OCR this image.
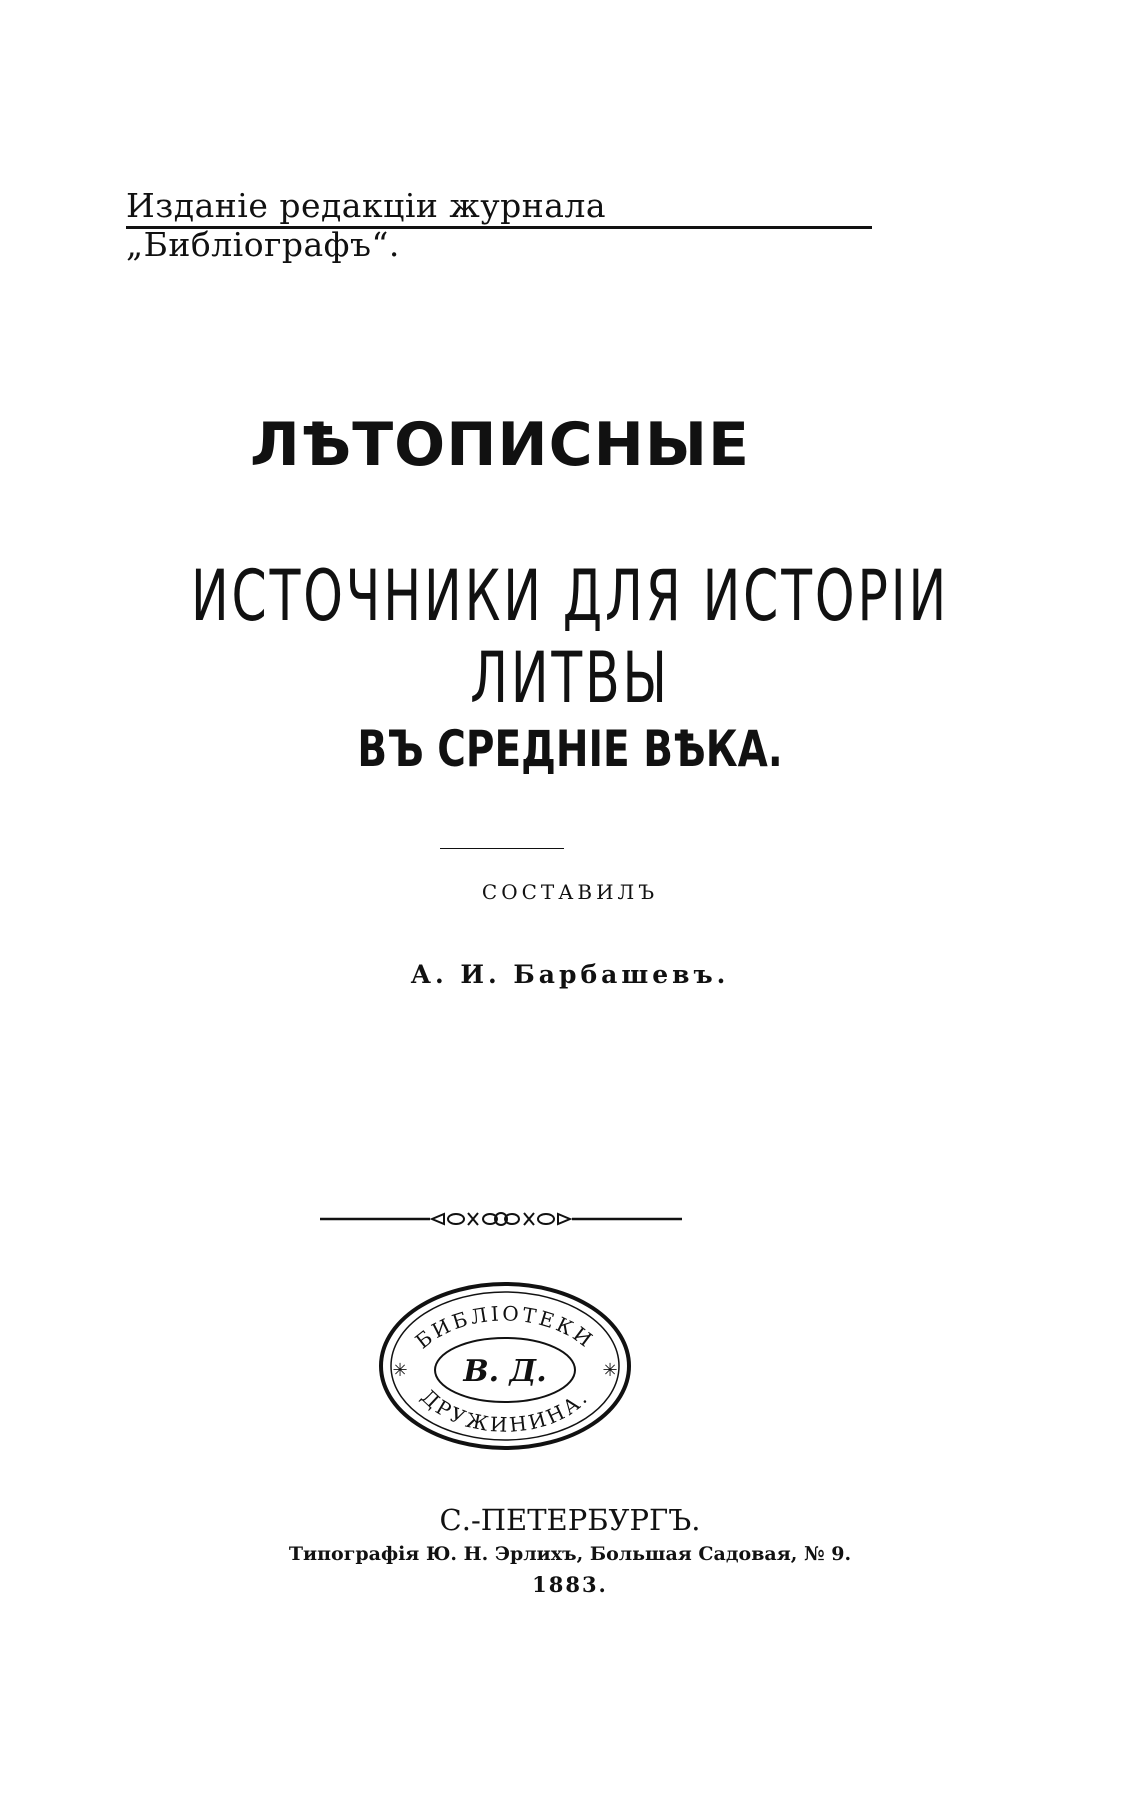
Изданіе редакціи журнала „Библіографъ“.
ЛѢТОПИСНЫЕ
ИСТОЧНИКИ ДЛЯ ИСТОРІИ ЛИТВЫ
ВЪ СРЕДНІЕ ВѢКА.
СОСТАВИЛЪ
А. И. Барбашевъ.
БИБЛІОТЕКИ
ДРУЖИНИНА.
В. Д.
✳	✳
С.-ПЕТЕРБУРГЪ.
Типографія Ю. Н. Эрлихъ, Большая Садовая, № 9.
1883.
